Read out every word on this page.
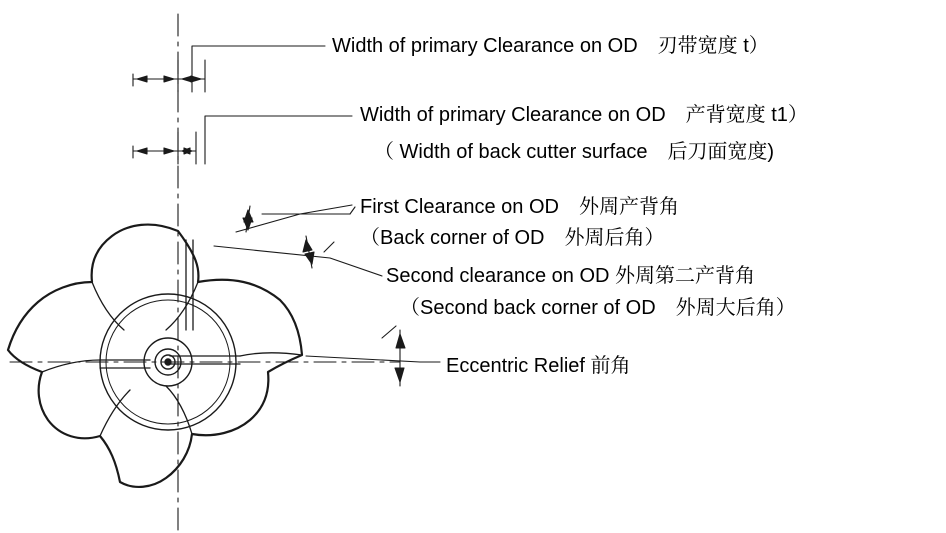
Width of primary Clearance on OD　刃带宽度 t）
Width of primary Clearance on OD　产背宽度 t1）
（ Width of back cutter surface　后刀面宽度)
First Clearance on OD　外周产背角
（Back corner of OD　外周后角）
Second clearance on OD 外周第二产背角
（Second back corner of OD　外周大后角）
Eccentric Relief 前角
